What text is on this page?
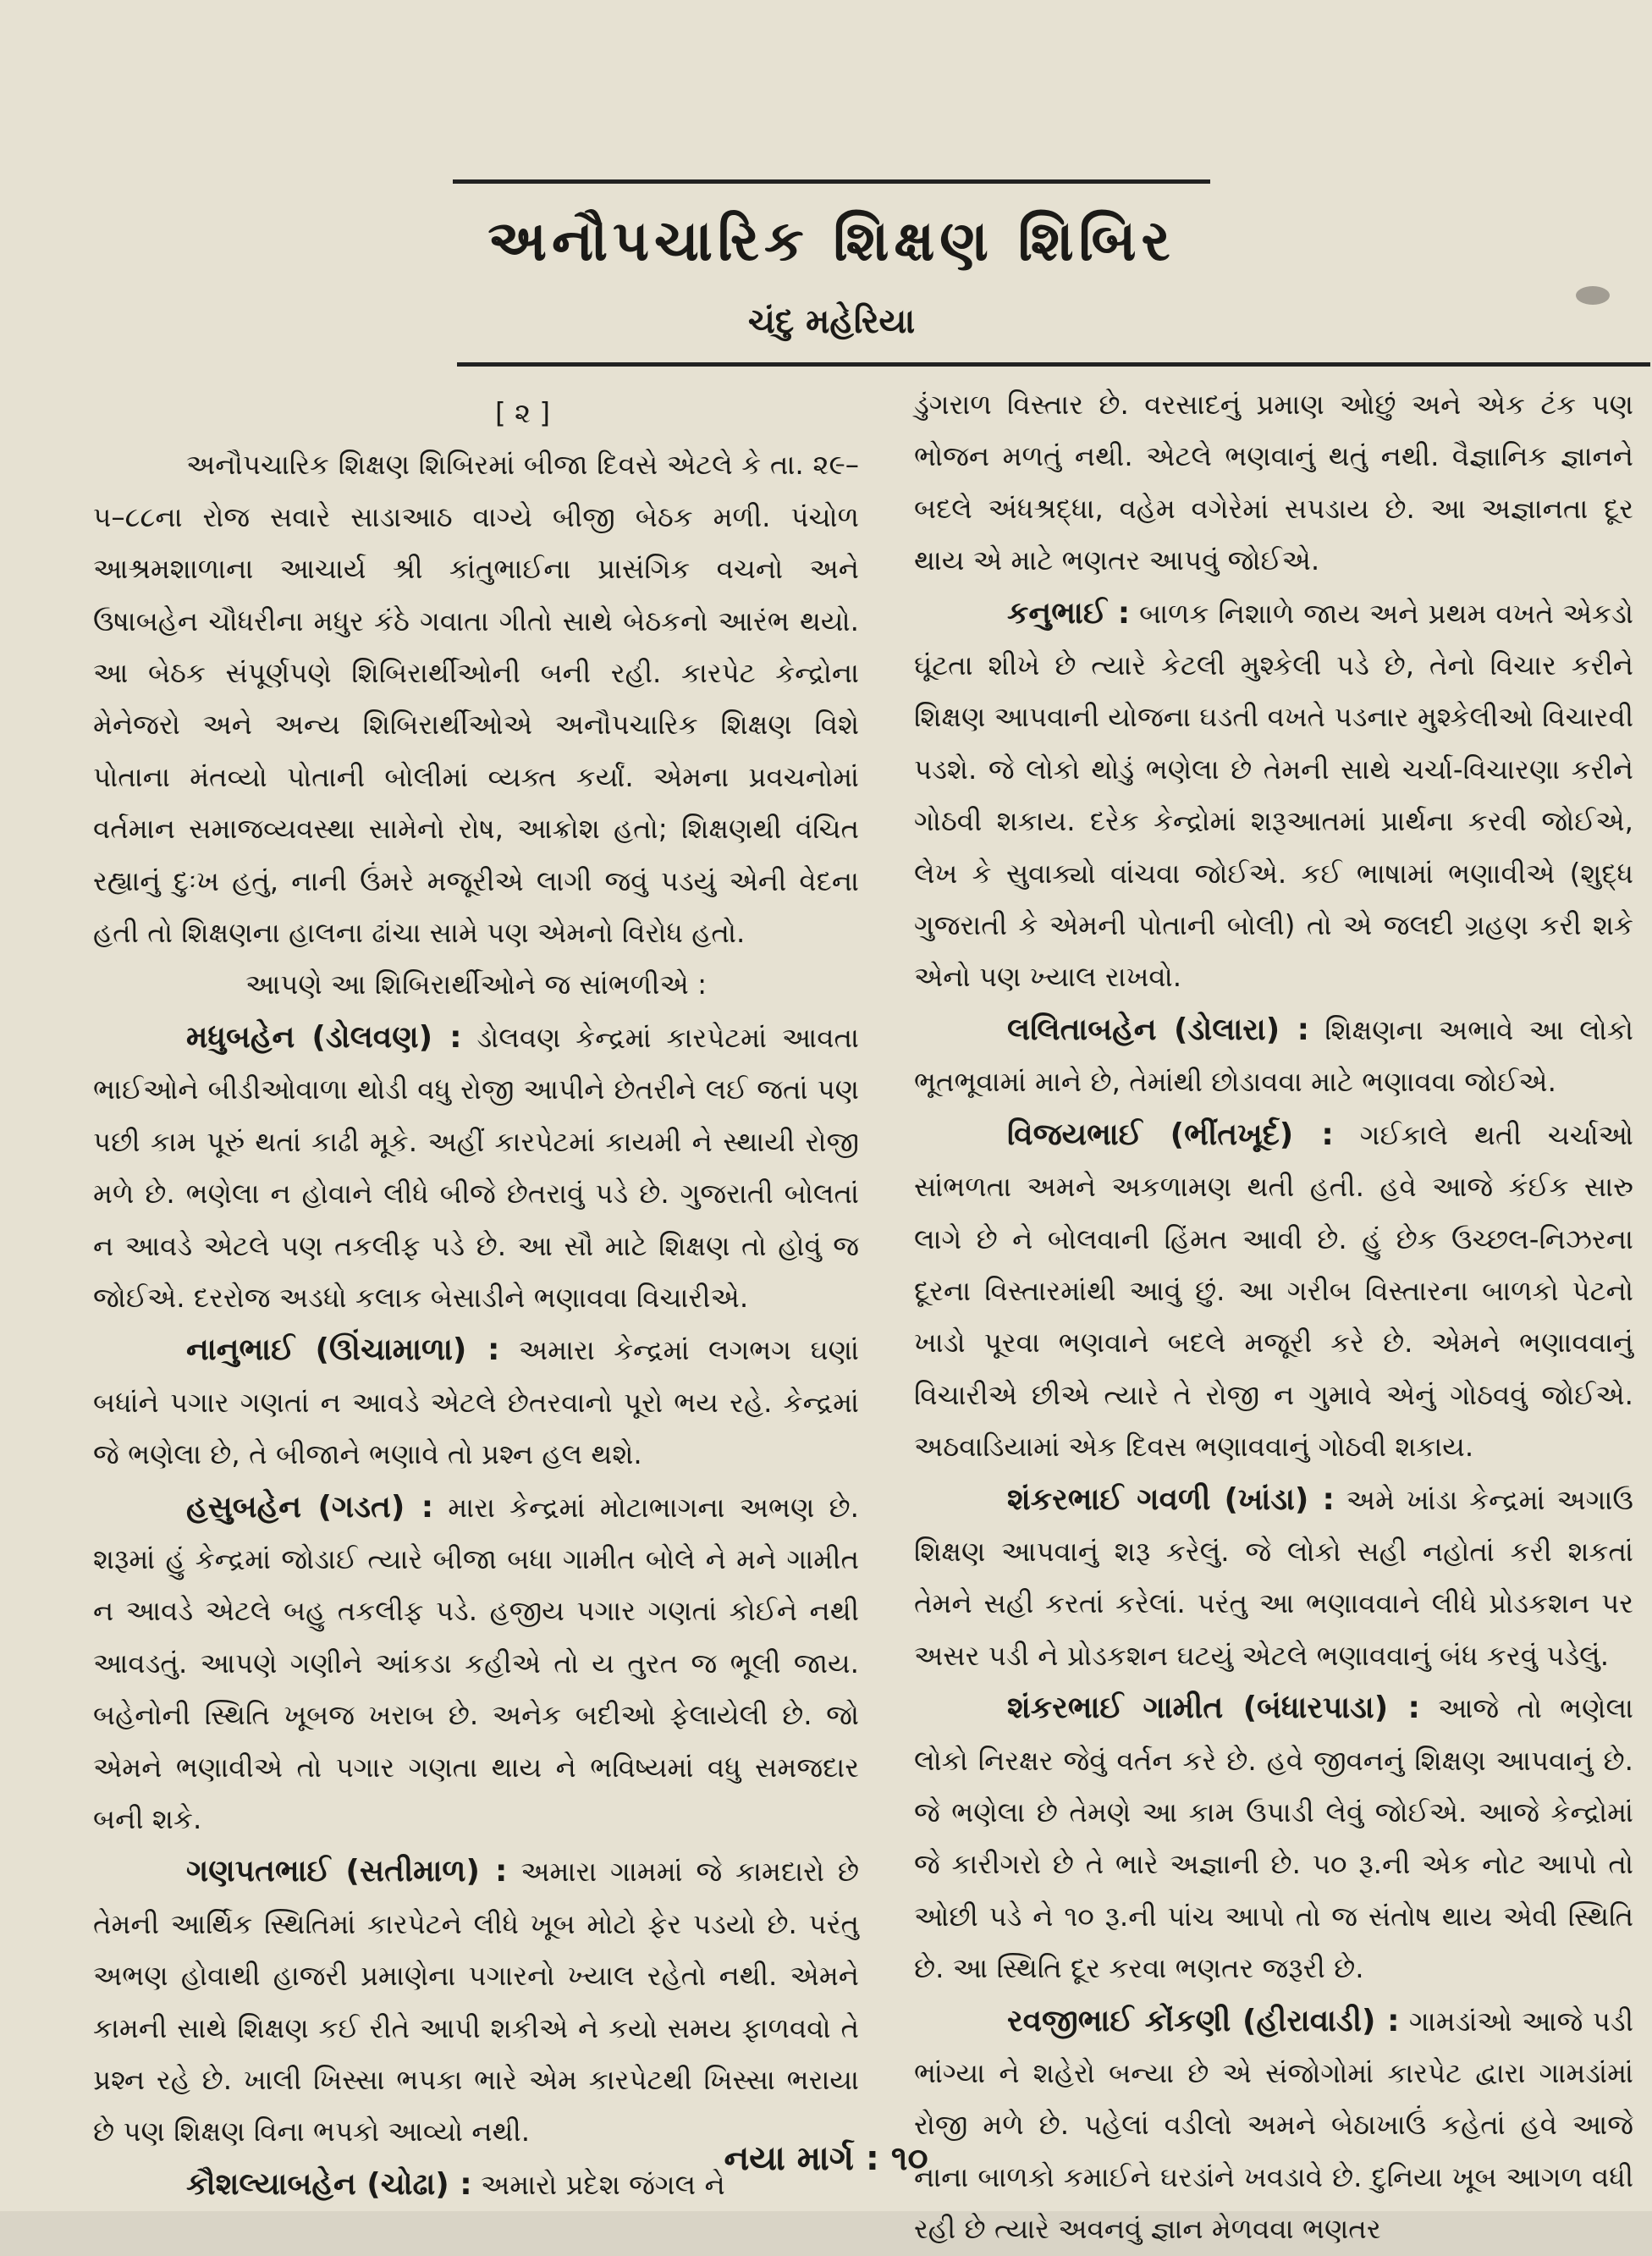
અનૌપચારિક શિક્ષણ શિબિર
ચંદુ મહેરિયા
[ ૨ ]

અનૌપચારિક શિક્ષણ શિબિરમાં બીજા દિવસે એટલે કે તા. ૨૯–૫–૮૮ના રોજ સવારે સાડાઆઠ વાગ્યે બીજી બેઠક મળી. પંચોળ આશ્રમશાળાના આચાર્ય શ્રી કાંતુભાઈના પ્રાસંગિક વચનો અને ઉષાબહેન ચૌધરીના મધુર કંઠે ગવાતા ગીતો સાથે બેઠકનો આરંભ થયો. આ બેઠક સંપૂર્ણપણે શિબિરાર્થીઓની બની રહી. કારપેટ કેન્દ્રોના મેનેજરો અને અન્ય શિબિરાર્થીઓએ અનૌપચારિક શિક્ષણ વિશે પોતાના મંતવ્યો પોતાની બોલીમાં વ્યક્ત કર્યાં. એમના પ્રવચનોમાં વર્તમાન સમાજવ્યવસ્થા સામેનો રોષ, આક્રોશ હતો; શિક્ષણથી વંચિત રહ્યાનું દુઃખ હતું, નાની ઉંમરે મજૂરીએ લાગી જવું પડયું એની વેદના હતી તો શિક્ષણના હાલના ઢાંચા સામે પણ એમનો વિરોધ હતો.

આપણે આ શિબિરાર્થીઓને જ સાંભળીએ :

મધુબહેન (ડોલવણ) : ડોલવણ કેન્દ્રમાં કારપેટમાં આવતા ભાઈઓને બીડીઓવાળા થોડી વધુ રોજી આપીને છેતરીને લઈ જતાં પણ પછી કામ પૂરું થતાં કાઢી મૂકે. અહીં કારપેટમાં કાયમી ને સ્થાયી રોજી મળે છે. ભણેલા ન હોવાને લીધે બીજે છેતરાવું પડે છે. ગુજરાતી બોલતાં ન આવડે એટલે પણ તકલીફ પડે છે. આ સૌ માટે શિક્ષણ તો હોવું જ જોઈએ. દરરોજ અડધો કલાક બેસાડીને ભણાવવા વિચારીએ.

નાનુભાઈ (ઊંચામાળા) : અમારા કેન્દ્રમાં લગભગ ઘણાં બધાંને પગાર ગણતાં ન આવડે એટલે છેતરવાનો પૂરો ભય રહે. કેન્દ્રમાં જે ભણેલા છે, તે બીજાને ભણાવે તો પ્રશ્ન હલ થશે.

હસુબહેન (ગડત) : મારા કેન્દ્રમાં મોટાભાગના અભણ છે. શરૂમાં હું કેન્દ્રમાં જોડાઈ ત્યારે બીજા બધા ગામીત બોલે ને મને ગામીત ન આવડે એટલે બહુ તકલીફ પડે. હજીય પગાર ગણતાં કોઈને નથી આવડતું. આપણે ગણીને આંકડા કહીએ તો ય તુરત જ ભૂલી જાય. બહેનોની સ્થિતિ ખૂબજ ખરાબ છે. અનેક બદીઓ ફેલાયેલી છે. જો એમને ભણાવીએ તો પગાર ગણતા થાય ને ભવિષ્યમાં વધુ સમજદાર બની શકે.

ગણપતભાઈ (સતીમાળ) : અમારા ગામમાં જે કામદારો છે તેમની આર્થિક સ્થિતિમાં કારપેટને લીધે ખૂબ મોટો ફેર પડયો છે. પરંતુ અભણ હોવાથી હાજરી પ્રમાણેના પગારનો ખ્યાલ રહેતો નથી. એમને કામની સાથે શિક્ષણ કઈ રીતે આપી શકીએ ને કયો સમય ફાળવવો તે પ્રશ્ન રહે છે. ખાલી ખિસ્સા ભપકા ભારે એમ કારપેટથી ખિસ્સા ભરાયા છે પણ શિક્ષણ વિના ભપકો આવ્યો નથી.

કૌશલ્યાબહેન (ચોઢા) : અમારો પ્રદેશ જંગલ ને

ડુંગરાળ વિસ્તાર છે. વરસાદનું પ્રમાણ ઓછું અને એક ટંક પણ ભોજન મળતું નથી. એટલે ભણવાનું થતું નથી. વૈજ્ઞાનિક જ્ઞાનને બદલે અંધશ્રદ્ધા, વહેમ વગેરેમાં સપડાય છે. આ અજ્ઞાનતા દૂર થાય એ માટે ભણતર આપવું જોઈએ.

કનુભાઈ : બાળક નિશાળે જાય અને પ્રથમ વખતે એકડો ઘૂંટતા શીખે છે ત્યારે કેટલી મુશ્કેલી પડે છે, તેનો વિચાર કરીને શિક્ષણ આપવાની યોજના ઘડતી વખતે પડનાર મુશ્કેલીઓ વિચારવી પડશે. જે લોકો થોડું ભણેલા છે તેમની સાથે ચર્ચા-વિચારણા કરીને ગોઠવી શકાય. દરેક કેન્દ્રોમાં શરૂઆતમાં પ્રાર્થના કરવી જોઈએ, લેખ કે સુવાક્યો વાંચવા જોઈએ. કઈ ભાષામાં ભણાવીએ (શુદ્ધ ગુજરાતી કે એમની પોતાની બોલી) તો એ જલદી ગ્રહણ કરી શકે એનો પણ ખ્યાલ રાખવો.

લલિતાબહેન (ડોલારા) : શિક્ષણના અભાવે આ લોકો ભૂતભૂવામાં માને છે, તેમાંથી છોડાવવા માટે ભણાવવા જોઈએ.

વિજયભાઈ (ભીંતખૂર્દ) : ગઈકાલે થતી ચર્ચાઓ સાંભળતા અમને અકળામણ થતી હતી. હવે આજે કંઈક સારુ લાગે છે ને બોલવાની હિંમત આવી છે. હું છેક ઉચ્છલ-નિઝરના દૂરના વિસ્તારમાંથી આવું છું. આ ગરીબ વિસ્તારના બાળકો પેટનો ખાડો પૂરવા ભણવાને બદલે મજૂરી કરે છે. એમને ભણાવવાનું વિચારીએ છીએ ત્યારે તે રોજી ન ગુમાવે એનું ગોઠવવું જોઈએ. અઠવાડિયામાં એક દિવસ ભણાવવાનું ગોઠવી શકાય.

શંકરભાઈ ગવળી (ખાંડા) : અમે ખાંડા કેન્દ્રમાં અગાઉ શિક્ષણ આપવાનું શરૂ કરેલું. જે લોકો સહી નહોતાં કરી શકતાં તેમને સહી કરતાં કરેલાં. પરંતુ આ ભણાવવાને લીધે પ્રોડકશન પર અસર પડી ને પ્રોડકશન ઘટયું એટલે ભણાવવાનું બંધ કરવું પડેલું.

શંકરભાઈ ગામીત (બંધારપાડા) : આજે તો ભણેલા લોકો નિરક્ષર જેવું વર્તન કરે છે. હવે જીવનનું શિક્ષણ આપવાનું છે. જે ભણેલા છે તેમણે આ કામ ઉપાડી લેવું જોઈએ. આજે કેન્દ્રોમાં જે કારીગરો છે તે ભારે અજ્ઞાની છે. ૫૦ રૂ.ની એક નોટ આપો તો ઓછી પડે ને ૧૦ રૂ.ની પાંચ આપો તો જ સંતોષ થાય એવી સ્થિતિ છે. આ સ્થિતિ દૂર કરવા ભણતર જરૂરી છે.

રવજીભાઈ કોંકણી (હીરાવાડી) : ગામડાંઓ આજે પડી ભાંગ્યા ને શહેરો બન્યા છે એ સંજોગોમાં કારપેટ દ્વારા ગામડાંમાં રોજી મળે છે. પહેલાં વડીલો અમને બેઠાખાઉં કહેતાં હવે આજે નાના બાળકો કમાઈને ઘરડાંને ખવડાવે છે. દુનિયા ખૂબ આગળ વધી રહી છે ત્યારે અવનવું જ્ઞાન મેળવવા ભણતર

નયા માર્ગ : ૧૦
